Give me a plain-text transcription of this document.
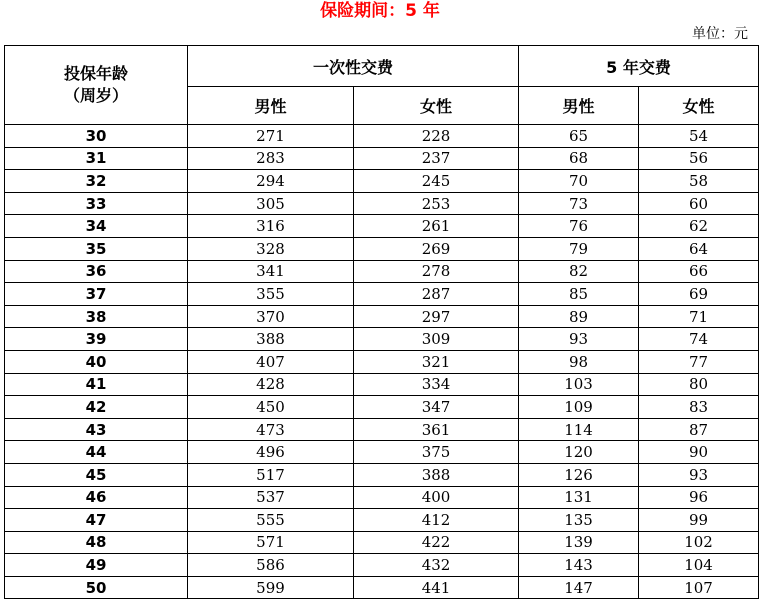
保险期间：5 年
单位：元
投保年龄
（周岁）	一次性交费		5 年交费	
	男性	女性	男性	女性
30	271	228	65	54
31	283	237	68	56
32	294	245	70	58
33	305	253	73	60
34	316	261	76	62
35	328	269	79	64
36	341	278	82	66
37	355	287	85	69
38	370	297	89	71
39	388	309	93	74
40	407	321	98	77
41	428	334	103	80
42	450	347	109	83
43	473	361	114	87
44	496	375	120	90
45	517	388	126	93
46	537	400	131	96
47	555	412	135	99
48	571	422	139	102
49	586	432	143	104
50	599	441	147	107
